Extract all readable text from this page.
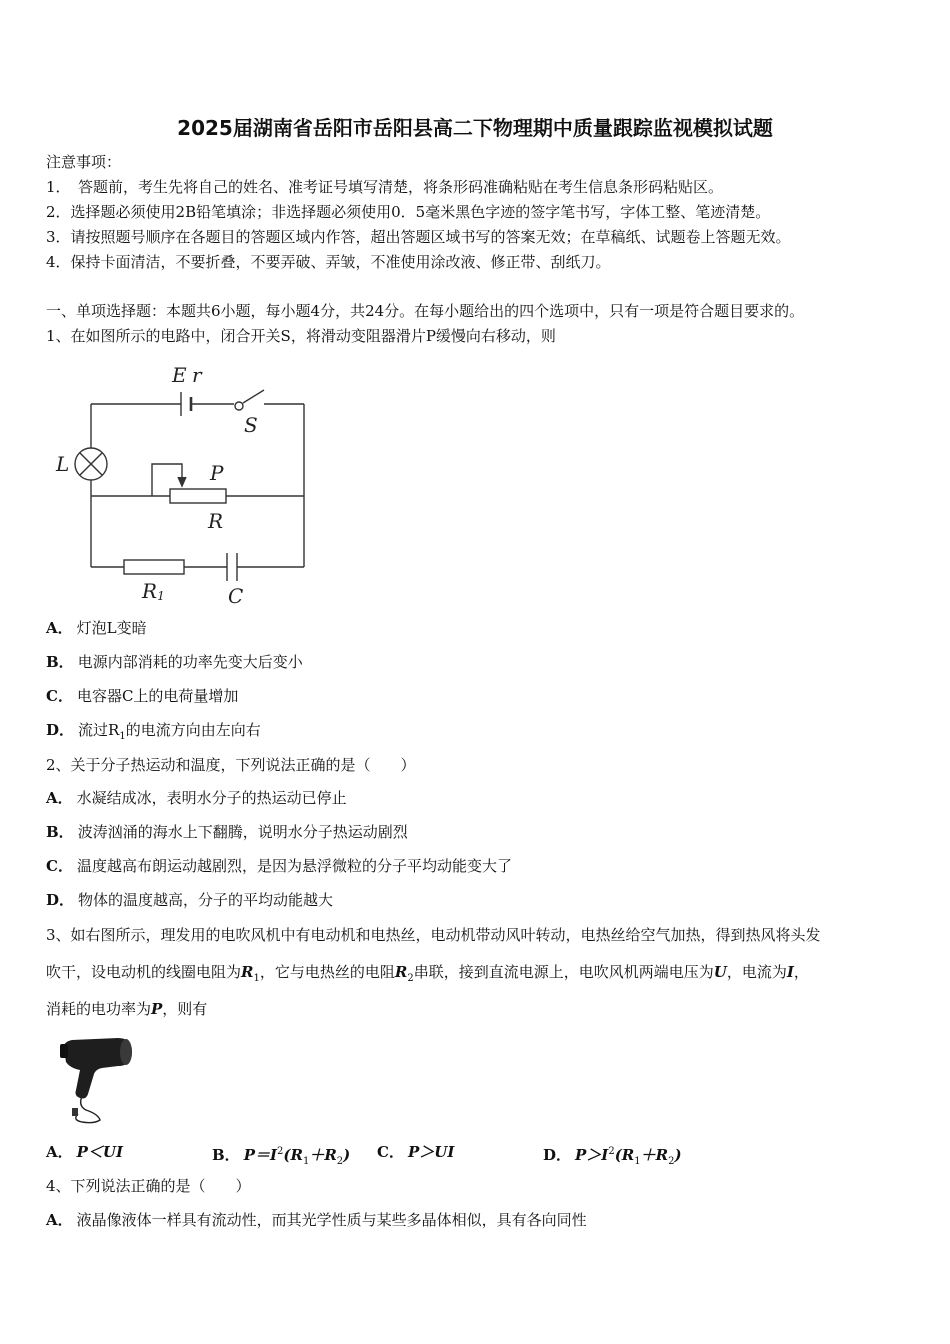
2025届湖南省岳阳市岳阳县高二下物理期中质量跟踪监视模拟试题
注意事项：
1．　答题前，考生先将自己的姓名、准考证号填写清楚，将条形码准确粘贴在考生信息条形码粘贴区。
2．选择题必须使用2B铅笔填涂；非选择题必须使用0．5毫米黑色字迹的签字笔书写，字体工整、笔迹清楚。
3．请按照题号顺序在各题目的答题区域内作答，超出答题区域书写的答案无效；在草稿纸、试题卷上答题无效。
4．保持卡面清洁，不要折叠，不要弄破、弄皱，不准使用涂改液、修正带、刮纸刀。
一、单项选择题：本题共6小题，每小题4分，共24分。在每小题给出的四个选项中，只有一项是符合题目要求的。
1、在如图所示的电路中，闭合开关S，将滑动变阻器滑片P缓慢向右移动，则
E r
S
L	P
R
R1	C
A． 灯泡L变暗
B． 电源内部消耗的功率先变大后变小
C． 电容器C上的电荷量增加
D． 流过$R_1$的电流方向由左向右
2、关于分子热运动和温度，下列说法正确的是（　　）
A． 水凝结成冰，表明水分子的热运动已停止
B． 波涛汹涌的海水上下翻腾，说明水分子热运动剧烈
C． 温度越高布朗运动越剧烈，是因为悬浮微粒的分子平均动能变大了
D． 物体的温度越高，分子的平均动能越大
3、如右图所示，理发用的电吹风机中有电动机和电热丝，电动机带动风叶转动，电热丝给空气加热，得到热风将头发
吹干，设电动机的线圈电阻为$R_1$，它与电热丝的电阻$R_2$串联，接到直流电源上，电吹风机两端电压为U，电流为I，
消耗的电功率为P，则有
A． P＜UI	B． $P=I^2(R_1+R_2)$ C． P＞UI	D． $P>I^2(R_1+R_2)$
4、下列说法正确的是（　　）
A． 液晶像液体一样具有流动性，而其光学性质与某些多晶体相似，具有各向同性
